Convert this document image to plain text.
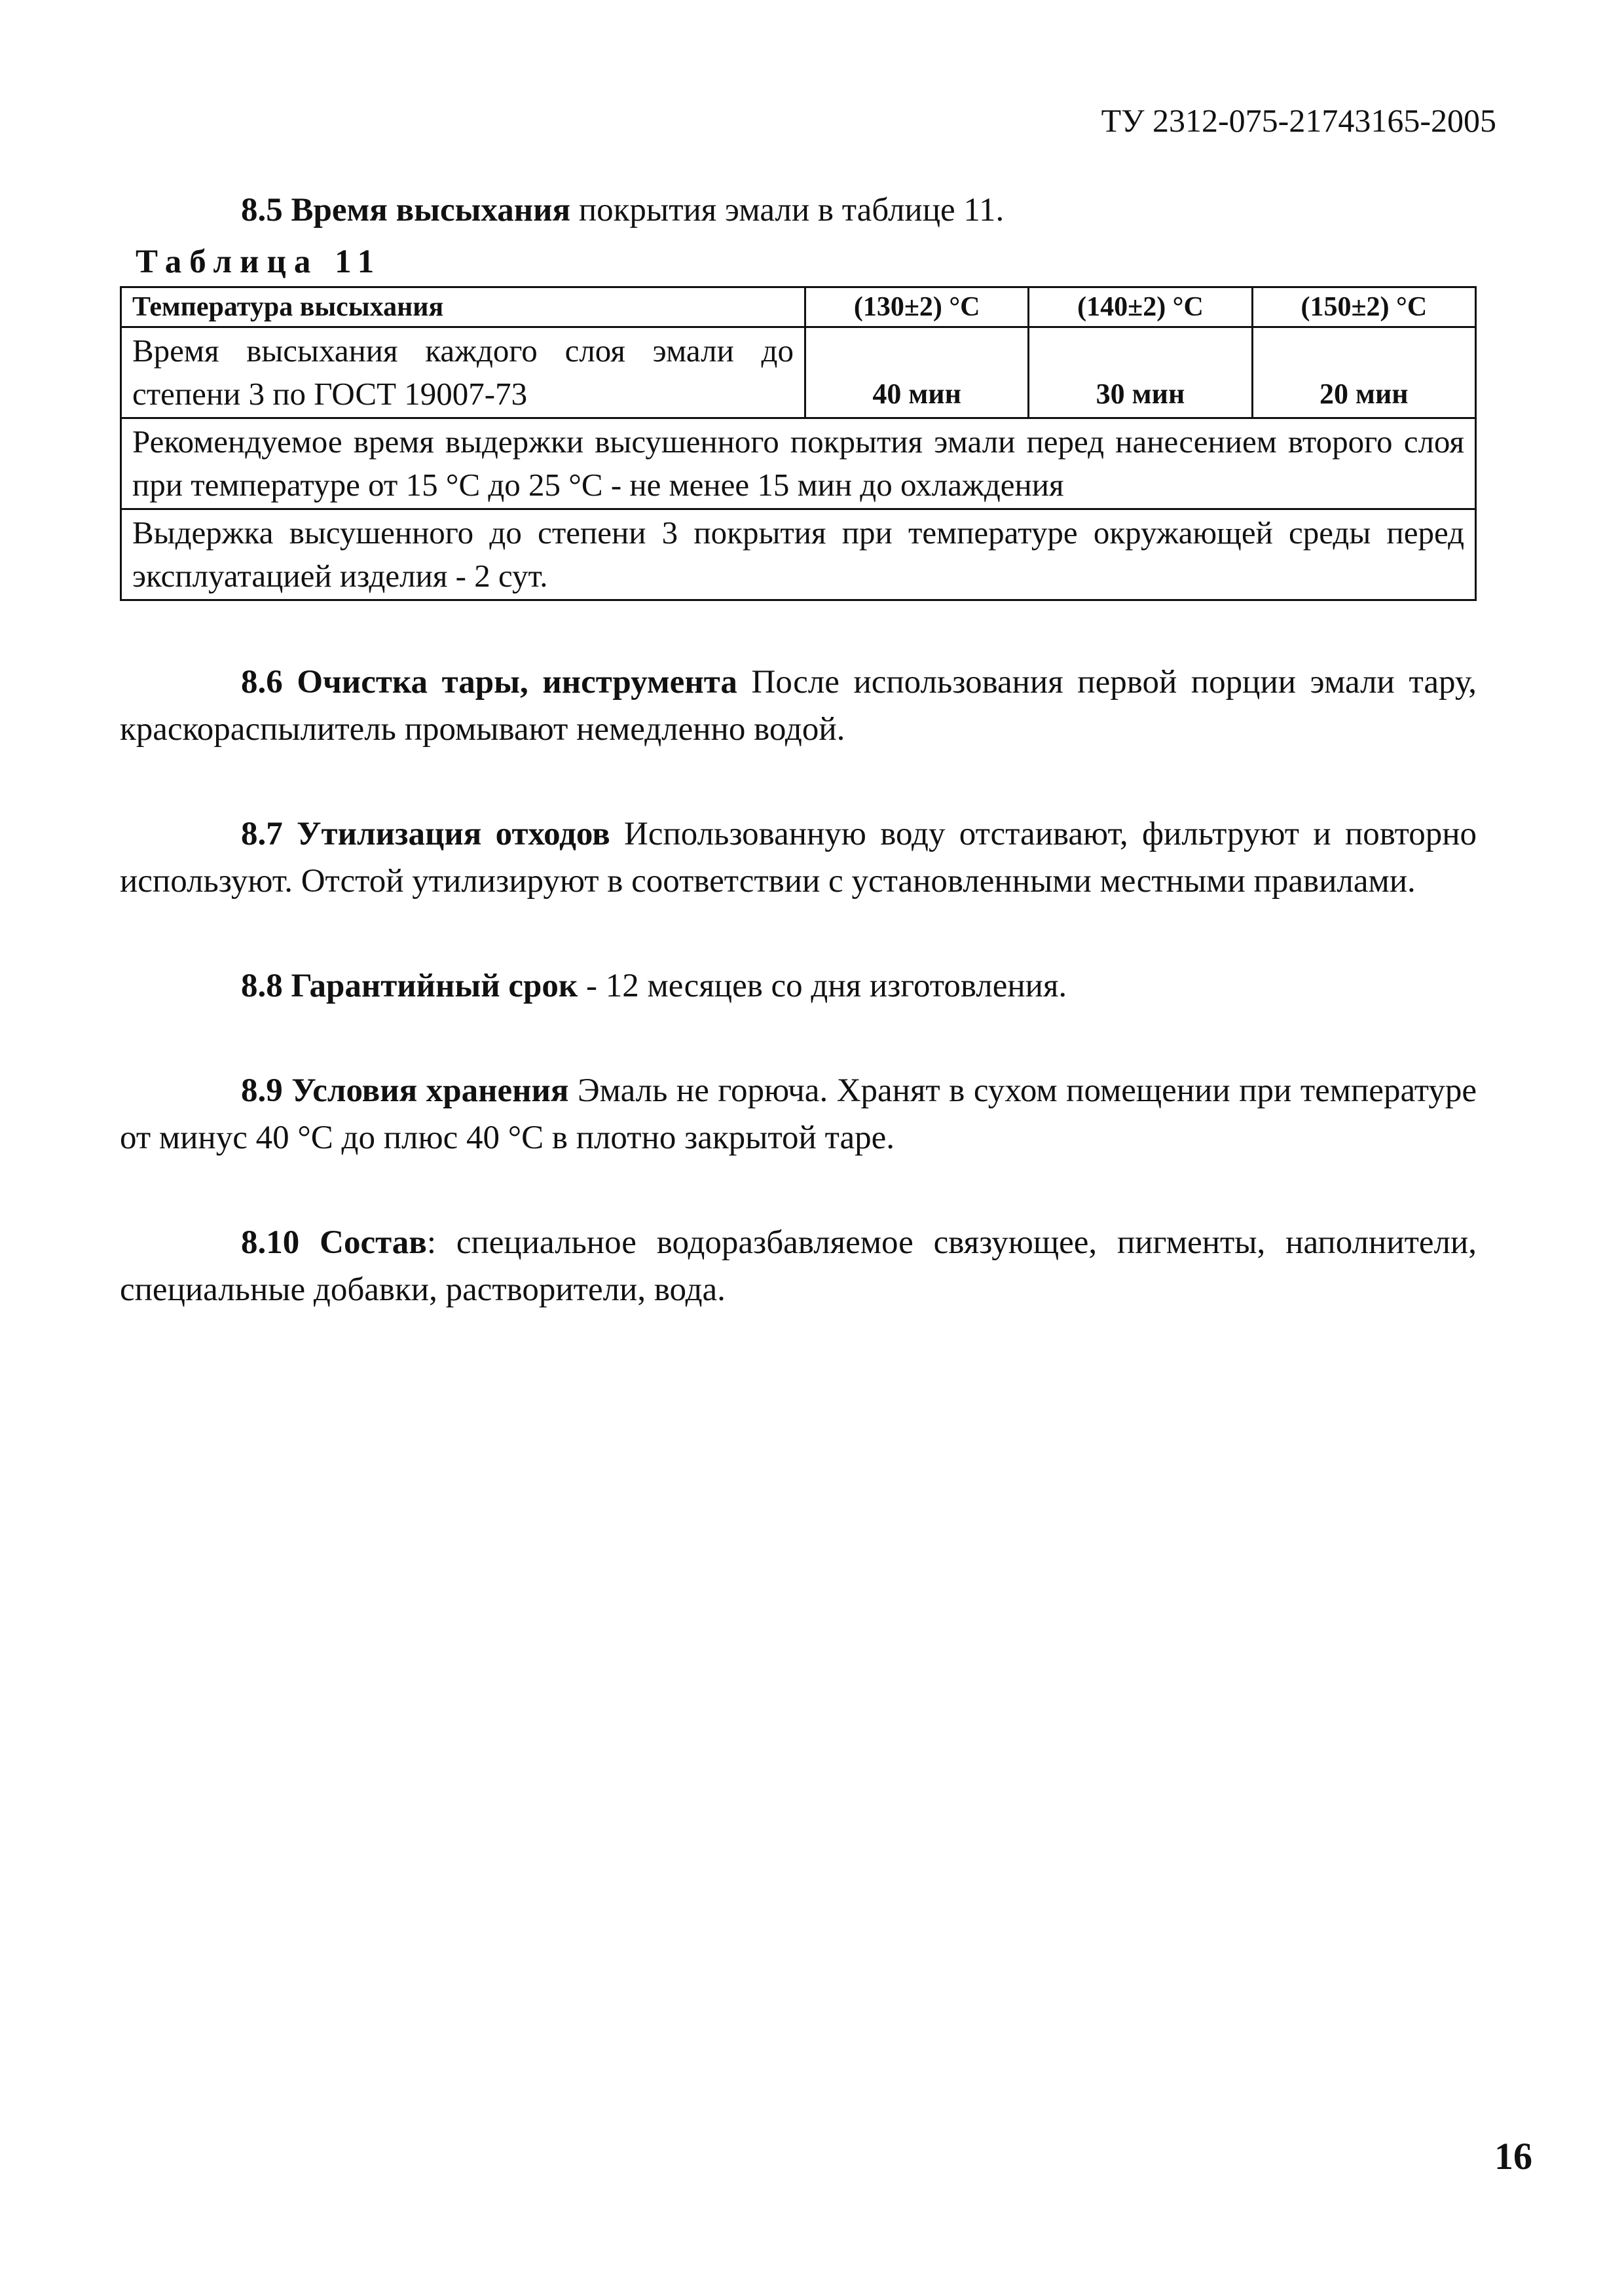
ТУ 2312-075-21743165-2005

8.5 Время высыхания покрытия эмали в таблице 11.

Таблица 11
Температура высыхания	(130±2) °С	(140±2) °С	(150±2) °С
Время высыхания каждого слоя эмали до степени 3 по ГОСТ 19007-73	40 мин	30 мин	20 мин
Рекомендуемое время выдержки высушенного покрытия эмали перед нанесением второго слоя при температуре от 15 °С до 25 °С - не менее 15 мин до охлаждения			
Выдержка высушенного до степени 3 покрытия при температуре окружающей среды перед эксплуатацией изделия - 2 сут.			

8.6 Очистка тары, инструмента После использования первой порции эмали тару, краскораспылитель промывают немедленно водой.

8.7 Утилизация отходов Использованную воду отстаивают, фильтруют и повторно используют. Отстой утилизируют в соответствии с установленными местными правилами.

8.8 Гарантийный срок - 12 месяцев со дня изготовления.

8.9 Условия хранения Эмаль не горюча. Хранят в сухом помещении при температуре от минус 40 °С до плюс 40 °С в плотно закрытой таре.

8.10 Состав: специальное водоразбавляемое связующее, пигменты, наполнители, специальные добавки, растворители, вода.

16
